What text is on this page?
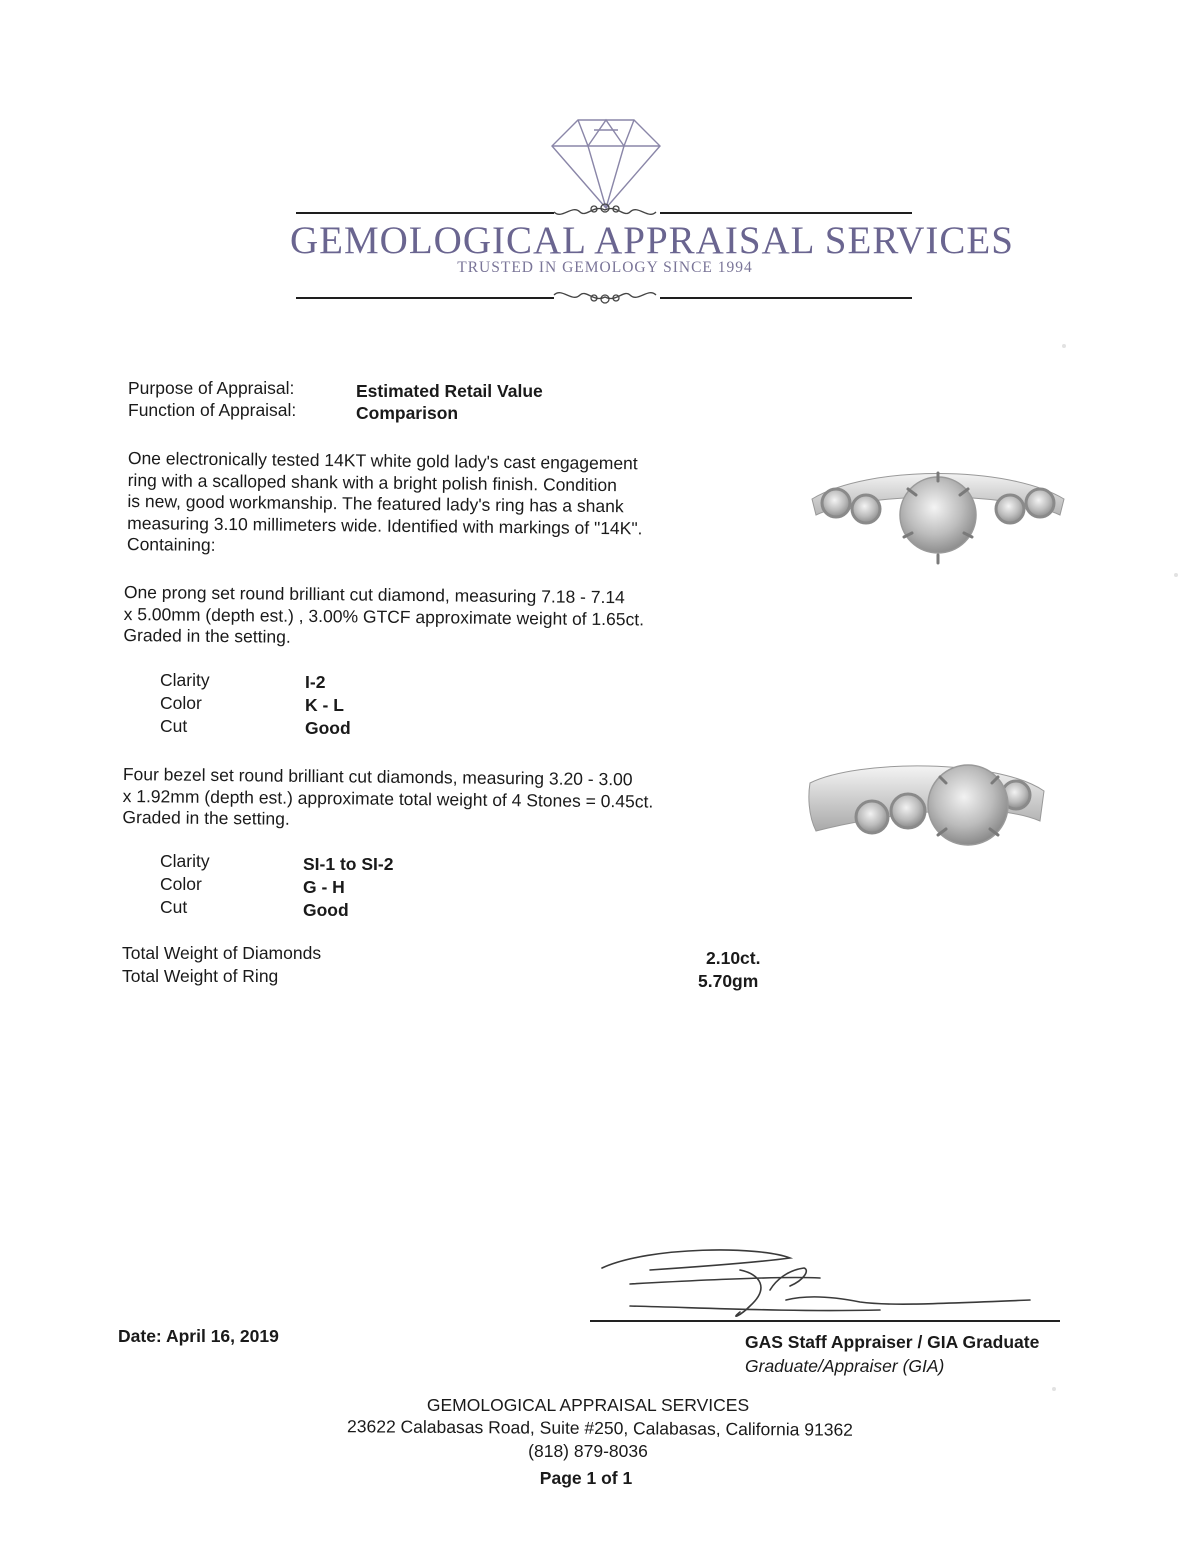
GEMOLOGICAL APPRAISAL SERVICES
TRUSTED IN GEMOLOGY SINCE 1994
Purpose of Appraisal:	Estimated Retail Value
Function of Appraisal:	Comparison
One electronically tested 14KT white gold lady's cast engagement
ring with a scalloped shank with a bright polish finish. Condition
is new, good workmanship. The featured lady's ring has a shank
measuring 3.10 millimeters wide. Identified with markings of "14K".
Containing:
One prong set round brilliant cut diamond, measuring 7.18 - 7.14
x 5.00mm (depth est.) , 3.00% GTCF approximate weight of 1.65ct.
Graded in the setting.
Clarity	I-2
Color	K - L
Cut	Good
Four bezel set round brilliant cut diamonds, measuring 3.20 - 3.00
x 1.92mm (depth est.) approximate total weight of 4 Stones = 0.45ct.
Graded in the setting.
Clarity	SI-1 to SI-2
Color	G - H
Cut	Good
Total Weight of Diamonds	2.10ct.
Total Weight of Ring	5.70gm
Date: April 16, 2019	GAS Staff Appraiser / GIA Graduate
Graduate/Appraiser (GIA)
GEMOLOGICAL APPRAISAL SERVICES
23622 Calabasas Road, Suite #250, Calabasas, California 91362
(818) 879-8036
Page 1 of 1
